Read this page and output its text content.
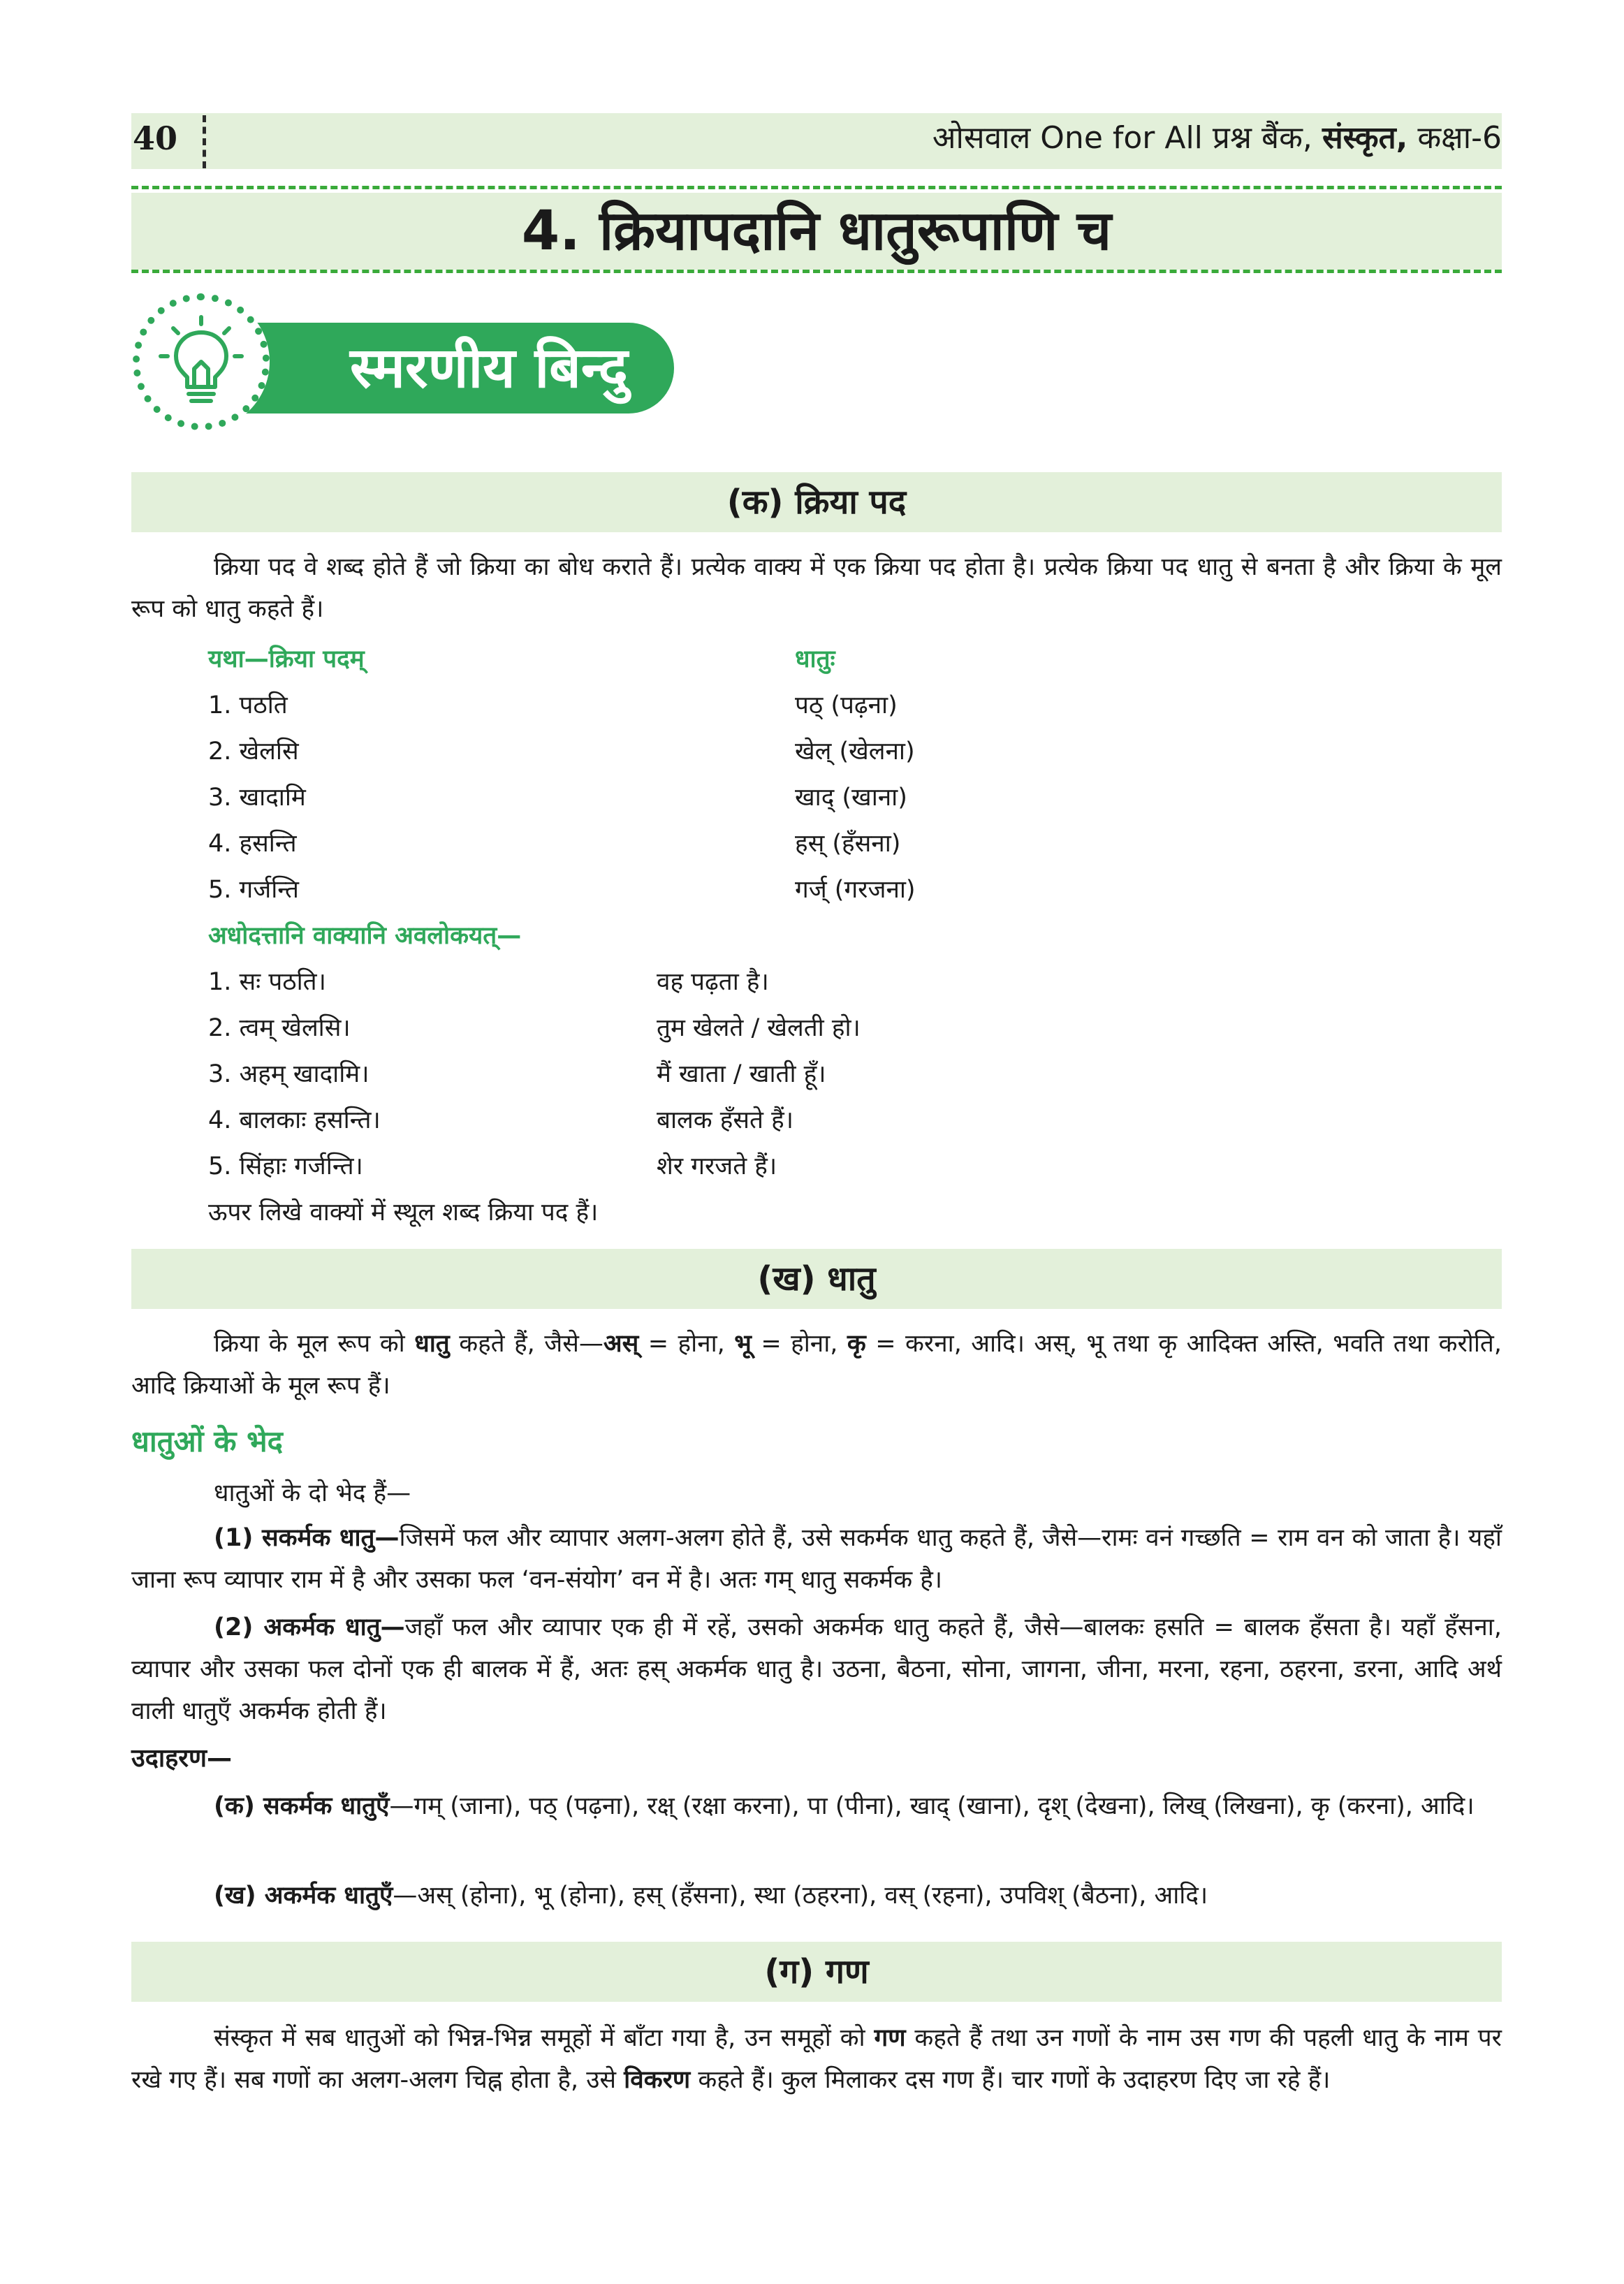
40	ओसवाल One for All प्रश्न बैंक, संस्कृत, कक्षा-6
4. क्रियापदानि धातुरूपाणि च
स्मरणीय बिन्दु
(क) क्रिया पद

क्रिया पद वे शब्द होते हैं जो क्रिया का बोध कराते हैं। प्रत्येक वाक्य में एक क्रिया पद होता है। प्रत्येक क्रिया पद धातु से बनता है और क्रिया के मूल रूप को धातु कहते हैं।

यथा—क्रिया पदम्	धातुः
1. पठति	पठ् (पढ़ना)
2. खेलसि	खेल् (खेलना)
3. खादामि	खाद् (खाना)
4. हसन्ति	हस् (हँसना)
5. गर्जन्ति	गर्ज् (गरजना)
अधोदत्तानि वाक्यानि अवलोकयत्—
1. सः पठति।	वह पढ़ता है।
2. त्वम् खेलसि।	तुम खेलते / खेलती हो।
3. अहम् खादामि।	मैं खाता / खाती हूँ।
4. बालकाः हसन्ति।	बालक हँसते हैं।
5. सिंहाः गर्जन्ति।	शेर गरजते हैं।
ऊपर लिखे वाक्यों में स्थूल शब्द क्रिया पद हैं।
(ख) धातु

क्रिया के मूल रूप को धातु कहते हैं, जैसे—अस् = होना, भू = होना, कृ = करना, आदि। अस्, भू तथा कृ आदिक्त अस्ति, भवति तथा करोति, आदि क्रियाओं के मूल रूप हैं।

धातुओं के भेद
धातुओं के दो भेद हैं—

(1) सकर्मक धातु—जिसमें फल और व्यापार अलग-अलग होते हैं, उसे सकर्मक धातु कहते हैं, जैसे—रामः वनं गच्छति = राम वन को जाता है। यहाँ जाना रूप व्यापार राम में है और उसका फल ‘वन-संयोग’ वन में है। अतः गम् धातु सकर्मक है।

(2) अकर्मक धातु—जहाँ फल और व्यापार एक ही में रहें, उसको अकर्मक धातु कहते हैं, जैसे—बालकः हसति = बालक हँसता है। यहाँ हँसना, व्यापार और उसका फल दोनों एक ही बालक में हैं, अतः हस् अकर्मक धातु है। उठना, बैठना, सोना, जागना, जीना, मरना, रहना, ठहरना, डरना, आदि अर्थ वाली धातुएँ अकर्मक होती हैं।

उदाहरण—

(क) सकर्मक धातुएँ—गम् (जाना), पठ् (पढ़ना), रक्ष् (रक्षा करना), पा (पीना), खाद् (खाना), दृश् (देखना), लिख् (लिखना), कृ (करना), आदि।

(ख) अकर्मक धातुएँ—अस् (होना), भू (होना), हस् (हँसना), स्था (ठहरना), वस् (रहना), उपविश् (बैठना), आदि।

(ग) गण

संस्कृत में सब धातुओं को भिन्न-भिन्न समूहों में बाँटा गया है, उन समूहों को गण कहते हैं तथा उन गणों के नाम उस गण की पहली धातु के नाम पर रखे गए हैं। सब गणों का अलग-अलग चिह्न होता है, उसे विकरण कहते हैं। कुल मिलाकर दस गण हैं। चार गणों के उदाहरण दिए जा रहे हैं।
